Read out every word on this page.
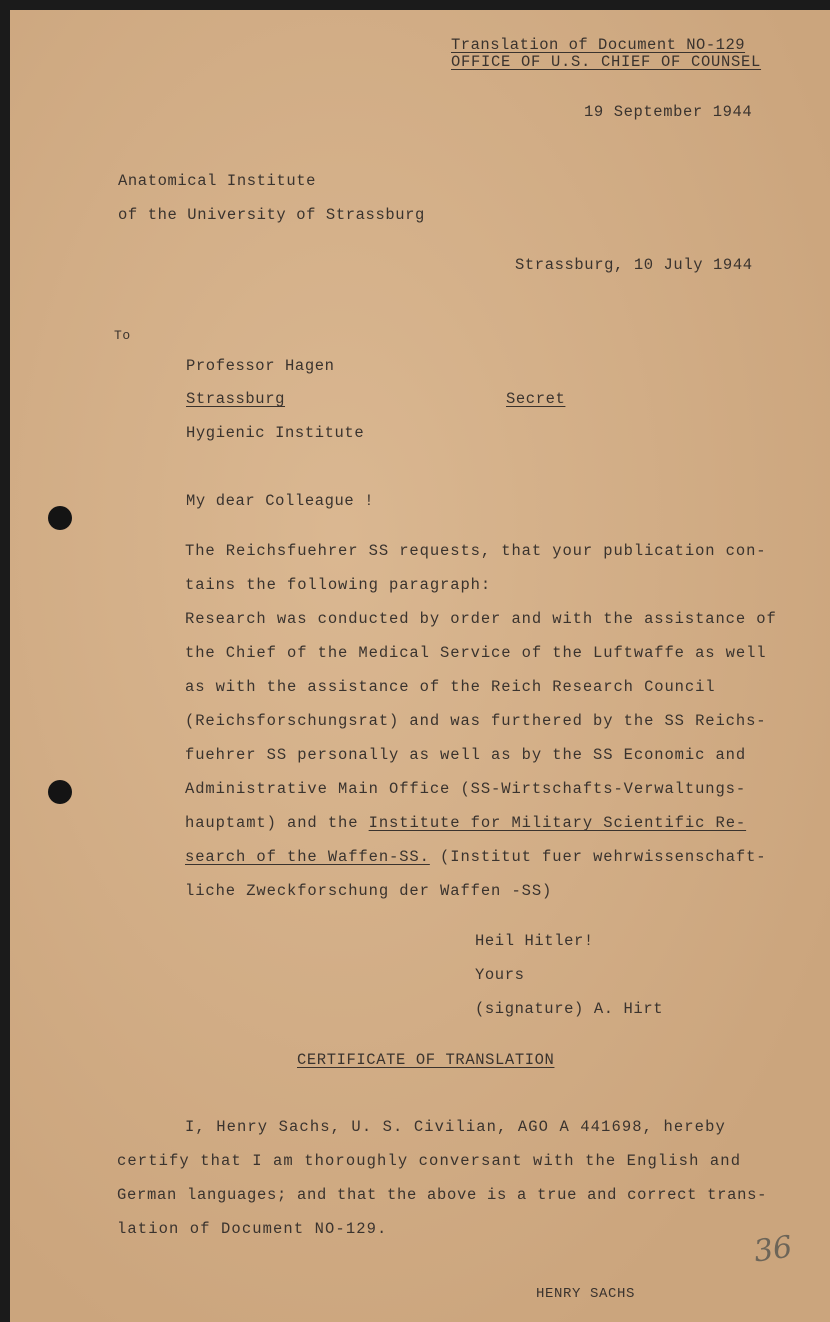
Translation of Document NO-129
OFFICE OF U.S. CHIEF OF COUNSEL
19 September 1944
Anatomical Institute
of the University of Strassburg
Strassburg, 10 July 1944
To
Professor Hagen
Strassburg	Secret
Hygienic Institute
My dear Colleague !
The Reichsfuehrer SS requests, that your publication con-
tains the following paragraph:
Research was conducted by order and with the assistance of
the Chief of the Medical Service of the Luftwaffe as well
as with the assistance of the Reich Research Council
(Reichsforschungsrat) and was furthered by the SS Reichs-
fuehrer SS personally as well as by the SS Economic and
Administrative Main Office (SS-Wirtschafts-Verwaltungs-
hauptamt) and the Institute for Military Scientific Re-
search of the Waffen-SS. (Institut fuer wehrwissenschaft-
liche Zweckforschung der Waffen -SS)
Heil Hitler!
Yours
(signature) A. Hirt
CERTIFICATE OF TRANSLATION
I, Henry Sachs, U. S. Civilian, AGO A 441698, hereby
certify that I am thoroughly conversant with the English and
German languages; and that the above is a true and correct trans-
lation of Document NO-129.
36
HENRY SACHS
